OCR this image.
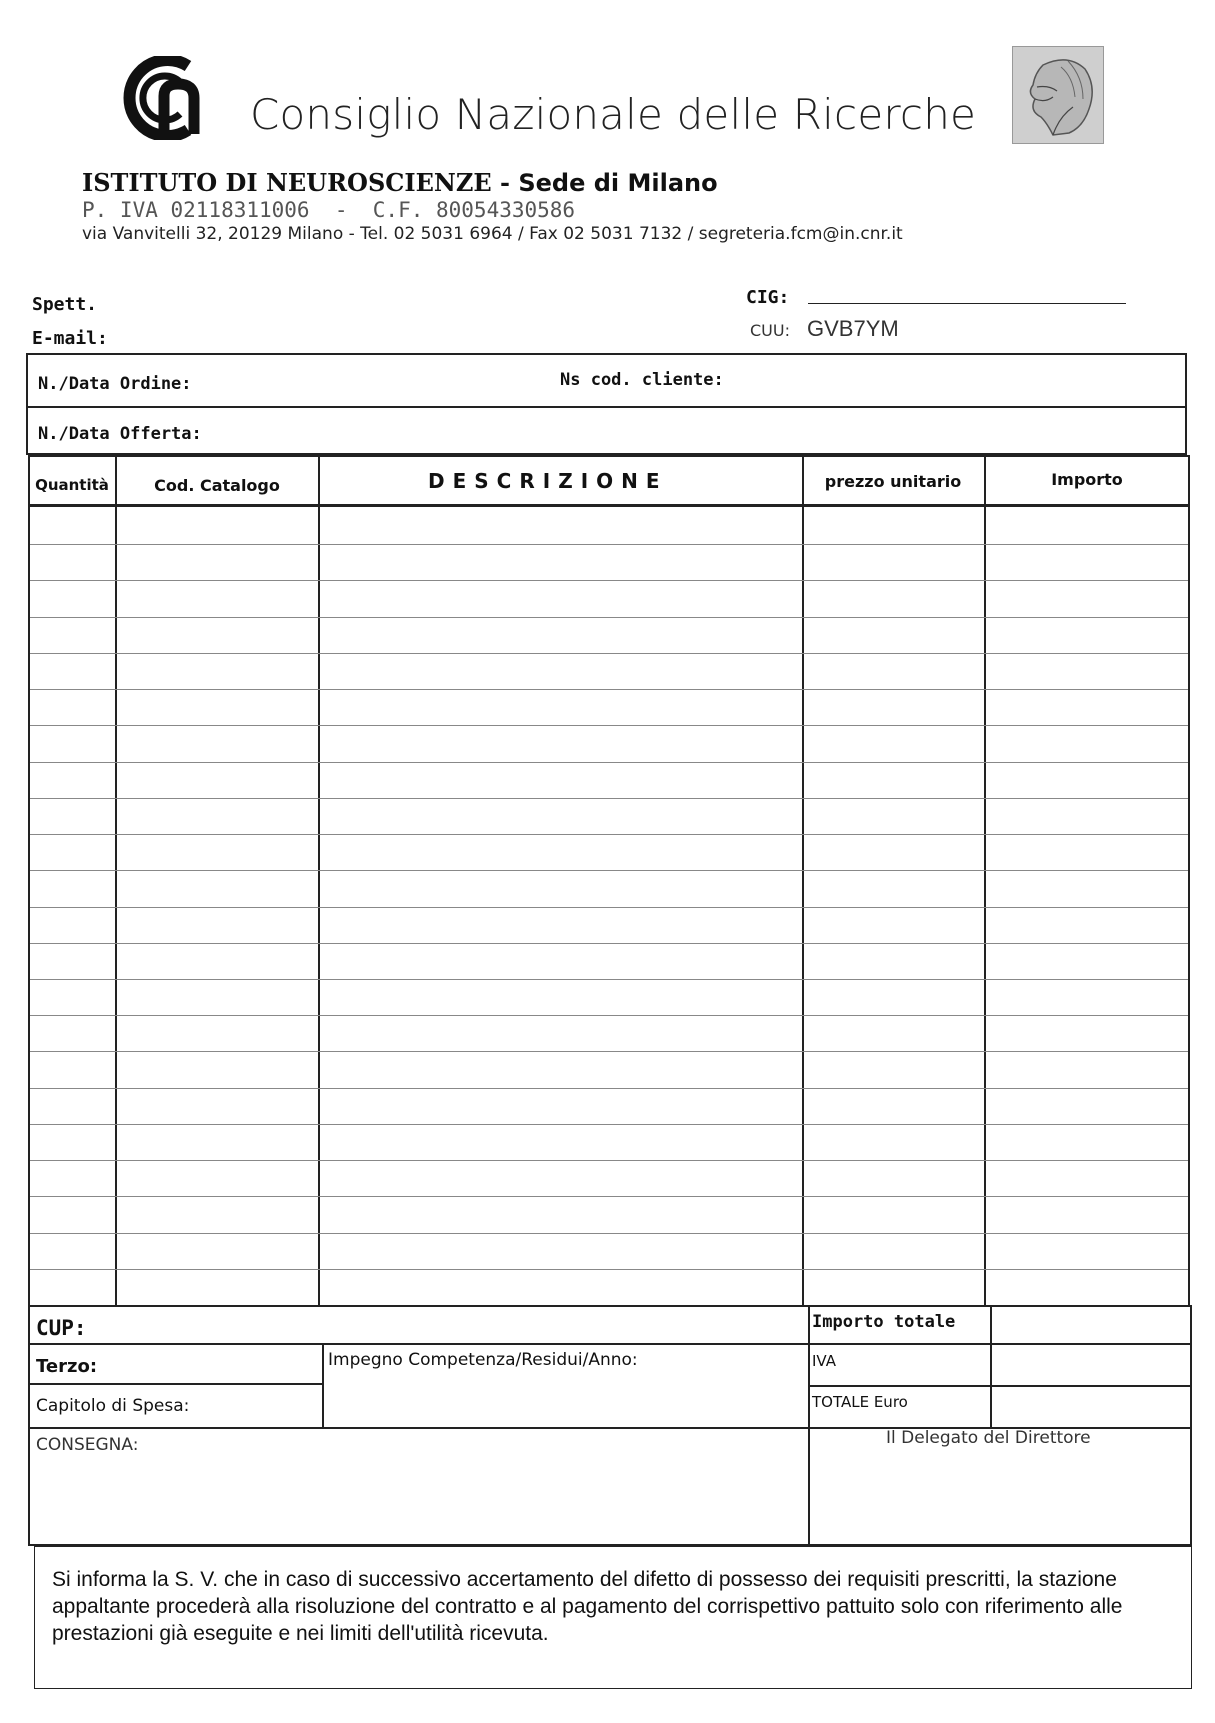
Consiglio Nazionale delle Ricerche
ISTITUTO DI NEUROSCIENZE - Sede di Milano
P. IVA 02118311006  -  C.F. 80054330586
via Vanvitelli 32, 20129 Milano - Tel. 02 5031 6964 / Fax 02 5031 7132 / segreteria.fcm@in.cnr.it
Spett.
E-mail:
CIG:
CUU: GVB7YM
N./Data Ordine:	Ns cod. cliente:
N./Data Offerta:
Quantità	Cod. Catalogo	DESCRIZIONE	prezzo unitario	Importo
CUP:	Importo totale
Terzo:	Impegno Competenza/Residui/Anno:	IVA
Capitolo di Spesa:	TOTALE Euro
CONSEGNA:	Il Delegato del Direttore
Si informa la S. V. che in caso di successivo accertamento del difetto di possesso dei requisiti prescritti, la stazione appaltante procederà alla risoluzione del contratto e al pagamento del corrispettivo pattuito solo con riferimento alle prestazioni già eseguite e nei limiti dell'utilità ricevuta.
